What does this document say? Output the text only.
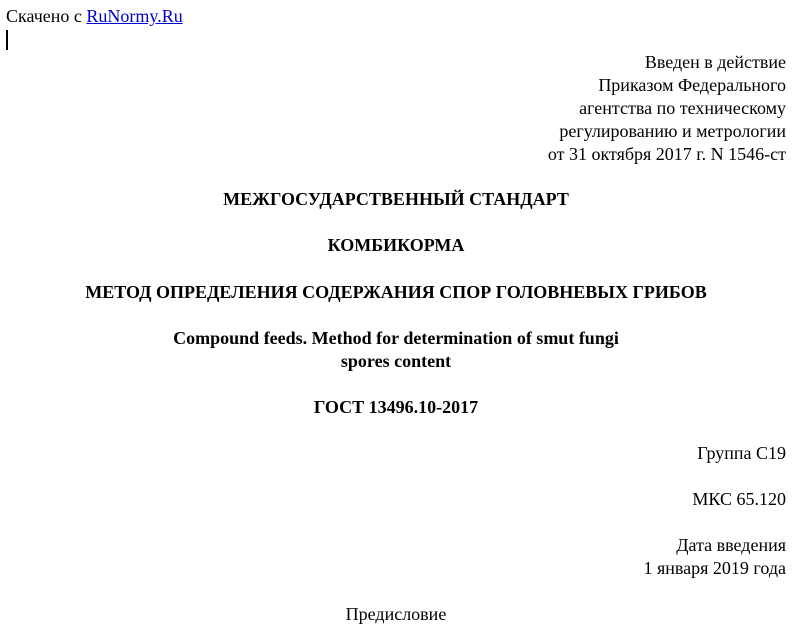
Скачено с RuNormy.Ru
Введен в действие
Приказом Федерального
агентства по техническому
регулированию и метрологии
от 31 октября 2017 г. N 1546-ст
МЕЖГОСУДАРСТВЕННЫЙ СТАНДАРТ
КОМБИКОРМА
МЕТОД ОПРЕДЕЛЕНИЯ СОДЕРЖАНИЯ СПОР ГОЛОВНЕВЫХ ГРИБОВ
Compound feeds. Method for determination of smut fungi
spores content
ГОСТ 13496.10-2017
Группа С19
МКС 65.120
Дата введения
1 января 2019 года
Предисловие
